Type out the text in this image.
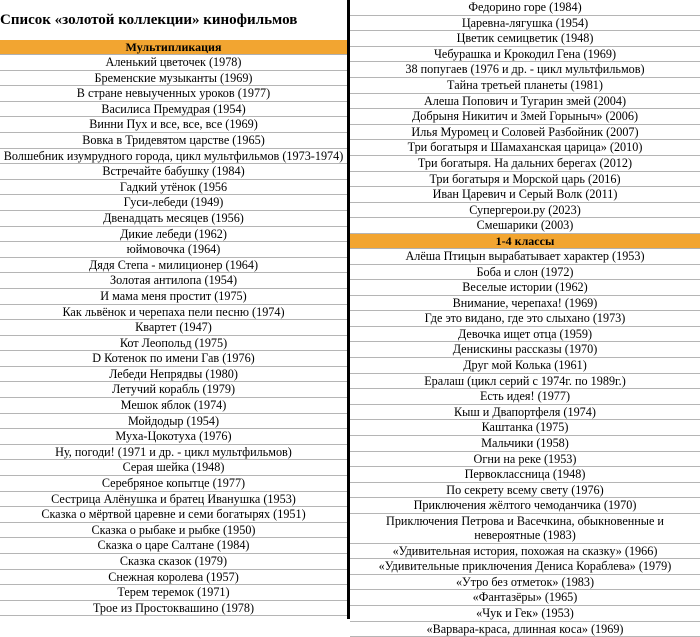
Список «золотой коллекции» кинофильмов
Мультипликация
Аленький цветочек (1978)
Бременские музыканты (1969)
В стране невыученных уроков (1977)
Василиса Премудрая (1954)
Винни Пух и все, все, все (1969)
Вовка в Тридевятом царстве (1965)
Волшебник изумрудного города, цикл мультфильмов (1973-1974)
Встречайте бабушку (1984)
Гадкий утёнок (1956
Гуси-лебеди (1949)
Двенадцать месяцев (1956)
Дикие лебеди (1962)
юймовочка (1964)
Дядя Степа - милиционер (1964)
Золотая антилопа (1954)
И мама меня простит (1975)
Как львёнок и черепаха пели песню (1974)
Квартет (1947)
Кот Леопольд (1975)
D Котенок по имени Гав (1976)
Лебеди Непрядвы (1980)
Летучий корабль (1979)
Мешок яблок (1974)
Мойдодыр (1954)
Муха-Цокотуха (1976)
Ну, погоди! (1971 и др. - цикл мультфильмов)
Серая шейка (1948)
Серебряное копытце (1977)
Сестрица Алёнушка и братец Иванушка (1953)
Сказка о мёртвой царевне и семи богатырях (1951)
Сказка о рыбаке и рыбке (1950)
Сказка о царе Салтане (1984)
Сказка сказок (1979)
Снежная королева (1957)
Терем теремок (1971)
Трое из Простоквашино (1978)
Федорино горе (1984)
Царевна-лягушка (1954)
Цветик семицветик (1948)
Чебурашка и Крокодил Гена (1969)
38 попугаев (1976 и др. - цикл мультфильмов)
Тайна третьей планеты (1981)
Алеша Попович и Тугарин змей (2004)
Добрыня Никитич и Змей Горыныч» (2006)
Илья Муромец и Соловей Разбойник (2007)
Три богатыря и Шамаханская царица» (2010)
Три богатыря. На дальних берегах (2012)
Три богатыря и Морской царь (2016)
Иван Царевич и Серый Волк (2011)
Супергерои.ру (2023)
Смешарики (2003)
1-4 классы
Алёша Птицын вырабатывает характер (1953)
Боба и слон (1972)
Веселые истории (1962)
Внимание, черепаха! (1969)
Где это видано, где это слыхано (1973)
Девочка ищет отца (1959)
Денискины рассказы (1970)
Друг мой Колька (1961)
Ералаш (цикл серий с 1974г. по 1989г.)
Есть идея! (1977)
Кыш и Двапортфеля (1974)
Каштанка (1975)
Мальчики (1958)
Огни на реке (1953)
Первоклассница (1948)
По секрету всему свету (1976)
Приключения жёлтого чемоданчика (1970)
Приключения Петрова и Васечкина, обыкновенные и невероятные (1983)
«Удивительная история, похожая на сказку» (1966)
«Удивительные приключения Дениса Кораблева» (1979)
«Утро без отметок» (1983)
«Фантазёры» (1965)
«Чук и Гек» (1953)
«Варвара-краса, длинная коса» (1969)
